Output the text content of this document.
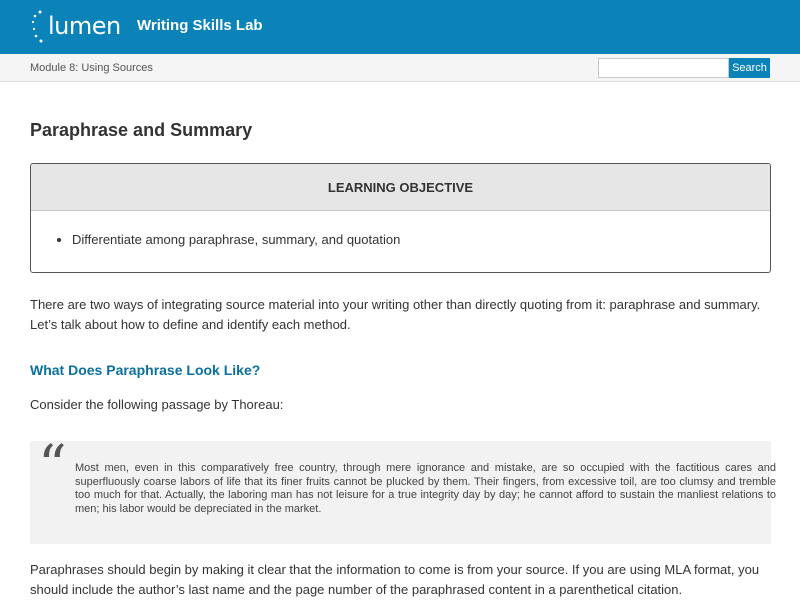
lumen Writing Skills Lab
Module 8: Using Sources	Search
Paraphrase and Summary
LEARNING OBJECTIVE
• Differentiate among paraphrase, summary, and quotation

There are two ways of integrating source material into your writing other than directly quoting from it: paraphrase and summary. Let’s talk about how to define and identify each method.

What Does Paraphrase Look Like?

Consider the following passage by Thoreau:

“ Most men, even in this comparatively free country, through mere ignorance and mistake, are so occupied with the factitious cares and superfluously coarse labors of life that its finer fruits cannot be plucked by them. Their fingers, from excessive toil, are too clumsy and tremble too much for that. Actually, the laboring man has not leisure for a true integrity day by day; he cannot afford to sustain the manliest relations to men; his labor would be depreciated in the market.

Paraphrases should begin by making it clear that the information to come is from your source. If you are using MLA format, you should include the author’s last name and the page number of the paraphrased content in a parenthetical citation.
